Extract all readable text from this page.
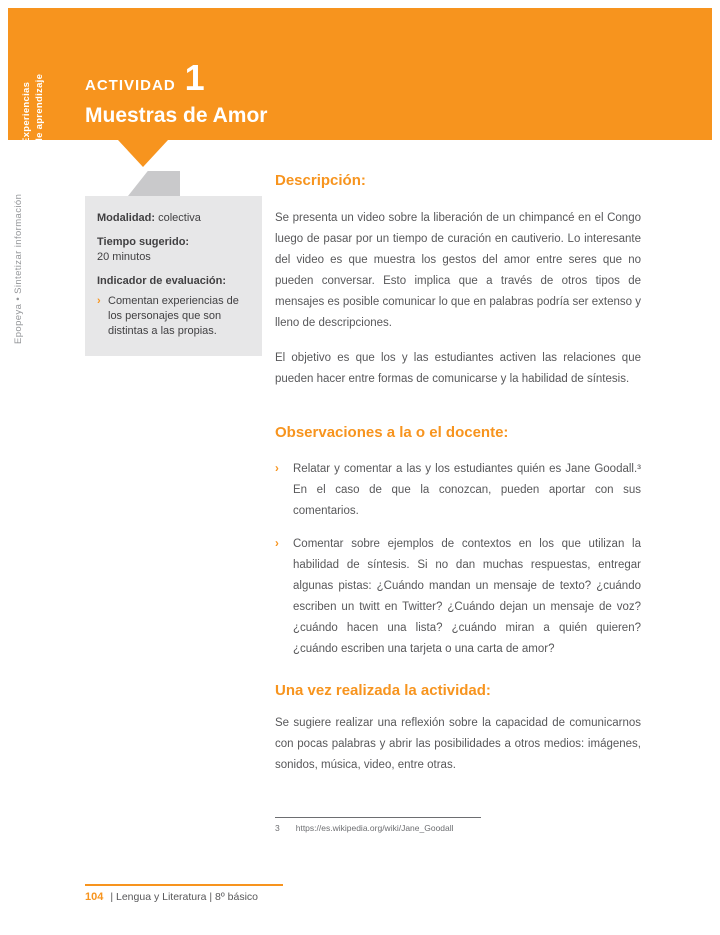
Experiencias de aprendizaje	ACTIVIDAD 1
Muestras de Amor
Epopeya • Sintetizar información	Modalidad: colectiva

Tiempo sugerido:
20 minutos
Indicador de evaluación:
› Comentan experiencias de los personajes que son distintas a las propias.
Descripción:

Se presenta un video sobre la liberación de un chimpancé en el Congo luego de pasar por un tiempo de curación en cautiverio. Lo interesante del video es que muestra los gestos del amor entre seres que no pueden conversar. Esto implica que a través de otros tipos de mensajes es posible comunicar lo que en palabras podría ser extenso y lleno de descripciones.

El objetivo es que los y las estudiantes activen las relaciones que pueden hacer entre formas de comunicarse y la habilidad de síntesis.

Observaciones a la o el docente:
›	Relatar y comentar a las y los estudiantes quién es Jane Goodall.³ En el caso de que la conozcan, pueden aportar con sus comentarios.
›	Comentar sobre ejemplos de contextos en los que utilizan la habilidad de síntesis. Si no dan muchas respuestas, entregar algunas pistas: ¿Cuándo mandan un mensaje de texto? ¿cuándo escriben un twitt en Twitter? ¿Cuándo dejan un mensaje de voz? ¿cuándo hacen una lista? ¿cuándo miran a quién quieren? ¿cuándo escriben una tarjeta o una carta de amor?
Una vez realizada la actividad:

Se sugiere realizar una reflexión sobre la capacidad de comunicarnos con pocas palabras y abrir las posibilidades a otros medios: imágenes, sonidos, música, video, entre otras.

3 https://es.wikipedia.org/wiki/Jane_Goodall
104 | Lengua y Literatura | 8º básico
